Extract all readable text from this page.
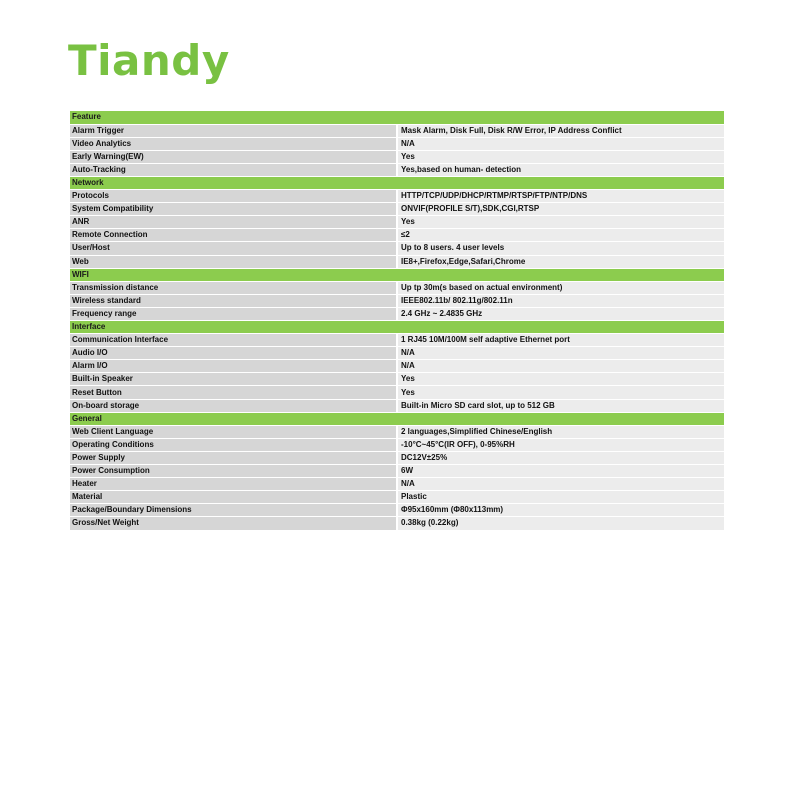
Tiandy
Feature	
Alarm Trigger	Mask Alarm, Disk Full, Disk R/W Error, IP Address Conflict
Video Analytics	N/A
Early Warning(EW)	Yes
Auto-Tracking	Yes,based on human- detection
Network	
Protocols	HTTP/TCP/UDP/DHCP/RTMP/RTSP/FTP/NTP/DNS
System Compatibility	ONVIF(PROFILE S/T),SDK,CGI,RTSP
ANR	Yes
Remote Connection	≤2
User/Host	Up to 8 users. 4 user levels
Web	IE8+,Firefox,Edge,Safari,Chrome
WIFI	
Transmission distance	Up tp 30m(s based on actual environment)
Wireless standard	IEEE802.11b/ 802.11g/802.11n
Frequency range	2.4 GHz ~ 2.4835 GHz
Interface	
Communication Interface	1 RJ45 10M/100M self adaptive Ethernet port
Audio I/O	N/A
Alarm I/O	N/A
Built-in Speaker	Yes
Reset Button	Yes
On-board storage	Built-in Micro SD card slot, up to 512 GB
General	
Web Client Language	2 languages,Simplified Chinese/English
Operating Conditions	-10°C~45°C(IR OFF), 0-95%RH
Power Supply	DC12V±25%
Power Consumption	6W
Heater	N/A
Material	Plastic
Package/Boundary Dimensions	Φ95x160mm (Φ80x113mm)
Gross/Net Weight	0.38kg (0.22kg)
